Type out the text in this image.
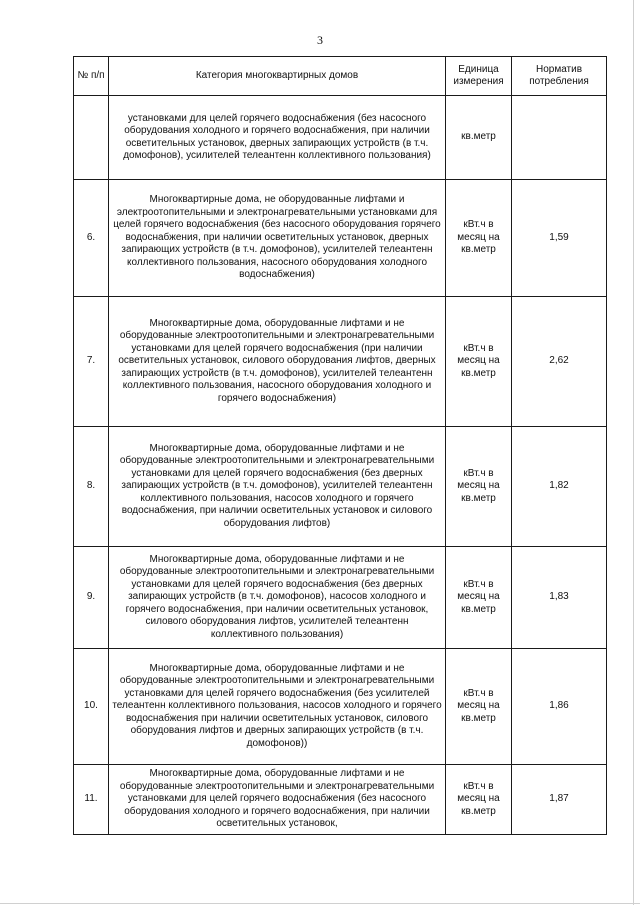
3
№ п/п	Категория многоквартирных домов	Единица измерения	Норматив потребления
	установками для целей горячего водоснабжения (без насосного оборудования холодного и горячего водоснабжения, при наличии осветительных установок, дверных запирающих устройств (в т.ч. домофонов), усилителей телеантенн коллективного пользования)	кв.метр	
6.	Многоквартирные дома, не оборудованные лифтами и электроотопительными и электронагревательными установками для целей горячего водоснабжения (без насосного оборудования горячего водоснабжения, при наличии осветительных установок, дверных запирающих устройств (в т.ч. домофонов), усилителей телеантенн коллективного пользования, насосного оборудования холодного водоснабжения)	кВт.ч в месяц на кв.метр	1,59
7.	Многоквартирные дома, оборудованные лифтами и не оборудованные электроотопительными и электронагревательными установками для целей горячего водоснабжения (при наличии осветительных установок, силового оборудования лифтов, дверных запирающих устройств (в т.ч. домофонов), усилителей телеантенн коллективного пользования, насосного оборудования холодного и горячего водоснабжения)	кВт.ч в месяц на кв.метр	2,62
8.	Многоквартирные дома, оборудованные лифтами и не оборудованные электроотопительными и электронагревательными установками для целей горячего водоснабжения (без дверных запирающих устройств (в т.ч. домофонов), усилителей телеантенн коллективного пользования, насосов холодного и горячего водоснабжения, при наличии осветительных установок и силового оборудования лифтов)	кВт.ч в месяц на кв.метр	1,82
9.	Многоквартирные дома, оборудованные лифтами и не оборудованные электроотопительными и электронагревательными установками для целей горячего водоснабжения (без дверных запирающих устройств (в т.ч. домофонов), насосов холодного и горячего водоснабжения, при наличии осветительных установок, силового оборудования лифтов, усилителей телеантенн коллективного пользования)	кВт.ч в месяц на кв.метр	1,83
10.	Многоквартирные дома, оборудованные лифтами и не оборудованные электроотопительными и электронагревательными установками для целей горячего водоснабжения (без усилителей телеантенн коллективного пользования, насосов холодного и горячего водоснабжения при наличии осветительных установок, силового оборудования лифтов и дверных запирающих устройств (в т.ч. домофонов))	кВт.ч в месяц на кв.метр	1,86
11.	Многоквартирные дома, оборудованные лифтами и не оборудованные электроотопительными и электронагревательными установками для целей горячего водоснабжения (без насосного оборудования холодного и горячего водоснабжения, при наличии осветительных установок,	кВт.ч в месяц на кв.метр	1,87
